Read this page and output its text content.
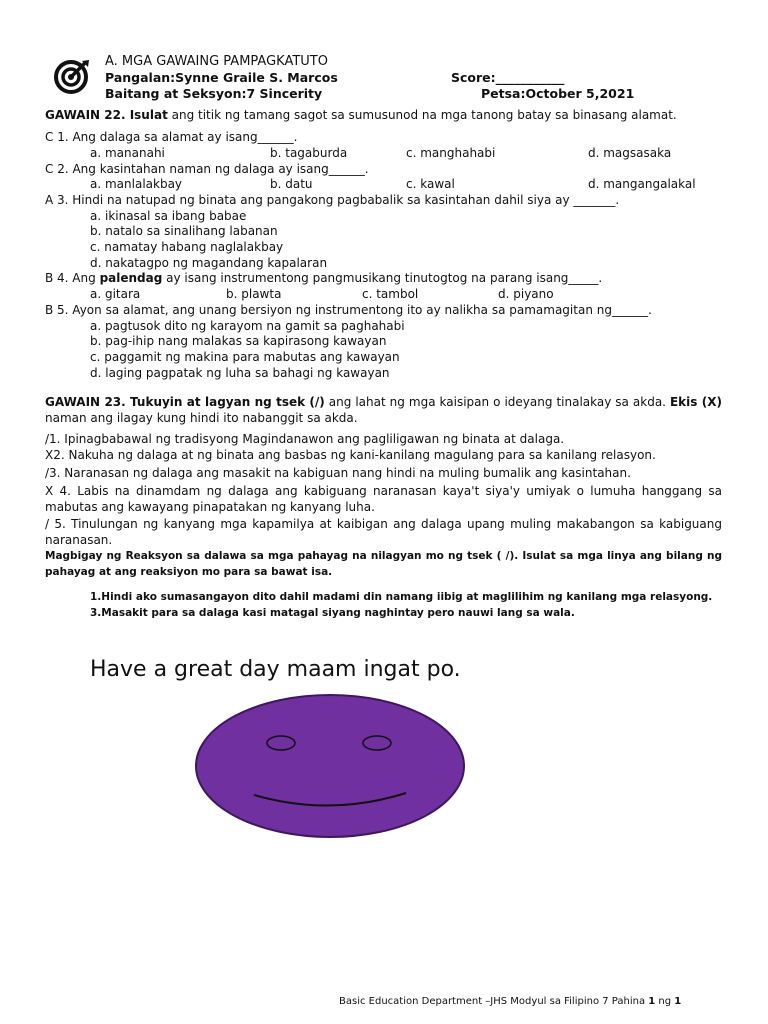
A. MGA GAWAING PAMPAGKATUTO
Pangalan:Synne Graile S. Marcos	Score:___________
Baitang at Seksyon:7 Sincerity	Petsa:October 5,2021
GAWAIN 22. Isulat ang titik ng tamang sagot sa sumusunod na mga tanong batay sa binasang alamat.
C 1. Ang dalaga sa alamat ay isang______.
a. mananahi	b. tagaburda	c. manghahabi	d. magsasaka
C 2. Ang kasintahan naman ng dalaga ay isang______.
a. manlalakbay	b. datu	c. kawal	d. mangangalakal
A 3. Hindi na natupad ng binata ang pangakong pagbabalik sa kasintahan dahil siya ay _______.
a. ikinasal sa ibang babae
b. natalo sa sinalihang labanan
c. namatay habang naglalakbay
d. nakatagpo ng magandang kapalaran
B 4. Ang palendag ay isang instrumentong pangmusikang tinutogtog na parang isang_____.
a. gitara	b. plawta	c. tambol	d. piyano
B 5. Ayon sa alamat, ang unang bersiyon ng instrumentong ito ay nalikha sa pamamagitan ng______.
a. pagtusok dito ng karayom na gamit sa paghahabi
b. pag-ihip nang malakas sa kapirasong kawayan
c. paggamit ng makina para mabutas ang kawayan
d. laging pagpatak ng luha sa bahagi ng kawayan
GAWAIN 23. Tukuyin at lagyan ng tsek (/) ang lahat ng mga kaisipan o ideyang tinalakay sa akda. Ekis (X) naman ang ilagay kung hindi ito nabanggit sa akda.
/1. Ipinagbabawal ng tradisyong Magindanawon ang pagliligawan ng binata at dalaga.
X2. Nakuha ng dalaga at ng binata ang basbas ng kani-kanilang magulang para sa kanilang relasyon.
/3. Naranasan ng dalaga ang masakit na kabiguan nang hindi na muling bumalik ang kasintahan.
X 4. Labis na dinamdam ng dalaga ang kabiguang naranasan kaya't siya'y umiyak o lumuha hanggang sa mabutas ang kawayang pinapatakan ng kanyang luha.
/ 5. Tinulungan ng kanyang mga kapamilya at kaibigan ang dalaga upang muling makabangon sa kabiguang naranasan.
Magbigay ng Reaksyon sa dalawa sa mga pahayag na nilagyan mo ng tsek ( /). Isulat sa mga linya ang bilang ng pahayag at ang reaksiyon mo para sa bawat isa.
1.Hindi ako sumasangayon dito dahil madami din namang iibig at maglilihim ng kanilang mga relasyong.
3.Masakit para sa dalaga kasi matagal siyang naghintay pero nauwi lang sa wala.
Have a great day maam ingat po.
Basic Education Department –JHS Modyul sa Filipino 7 Pahina 1 ng 1
